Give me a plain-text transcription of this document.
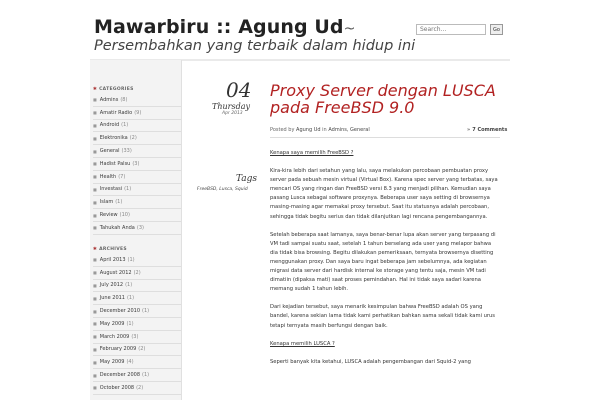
Mawarbiru :: Agung Ud~
Persembahkan yang terbaik dalam hidup ini
Search...
Go
✱ CATEGORIES
■ Admins (8)
■ Amatir Radio (9)
■ Android (1)
■ Elektronika (2)
■ General (33)
■ Hadist Palsu (3)
■ Health (7)
■ Investasi (1)
■ Islam (1)
■ Review (10)
■ Tahukah Anda (3)
✱ ARCHIVES
■ April 2013 (1)
■ August 2012 (2)
■ July 2012 (1)
■ June 2011 (1)
■ December 2010 (1)
■ May 2009 (1)
■ March 2009 (3)
■ February 2009 (2)
■ May 2009 (4)
■ December 2008 (1)
■ October 2008 (2)
04
Thursday
Apr 2013
Tags
FreeBSD, Lusca, Squid
Proxy Server dengan LUSCA pada FreeBSD 9.0
Posted by Agung Ud in Admins, General	» 7 Comments

Kenapa saya memilih FreeBSD ?

Kira-kira lebih dari setahun yang lalu, saya melakukan percobaan pembuatan proxy server pada sebuah mesin virtual (Virtual Box). Karena spec server yang terbatas, saya mencari OS yang ringan dan FreeBSD versi 8.3 yang menjadi pilihan. Kemudian saya pasang Lusca sebagai software proxynya. Beberapa user saya setting di browsernya masing-masing agar memakai proxy tersebut. Saat itu statusnya adalah percobaan, sehingga tidak begitu serius dan tidak dilanjutkan lagi rencana pengembangannya.

Setelah beberapa saat lamanya, saya benar-benar lupa akan server yang terpasang di VM tadi sampai suatu saat, setelah 1 tahun berselang ada user yang melapor bahwa dia tidak bisa browsing. Begitu dilakukan pemeriksaan, ternyata browsernya disetting menggunakan proxy. Dan saya baru ingat beberapa jam sebelumnya, ada kegiatan migrasi data server dari hardisk internal ke storage yang tentu saja, mesin VM tadi dimatiin (dipaksa mati) saat proses pemindahan. Hal ini tidak saya sadari karena memang sudah 1 tahun lebih.

Dari kejadian tersebut, saya menarik kesimpulan bahwa FreeBSD adalah OS yang bandel, karena sekian lama tidak kami perhatikan bahkan sama sekali tidak kami urus tetapi ternyata masih berfungsi dengan baik.

Kenapa memilih LUSCA ?

Seperti banyak kita ketahui, LUSCA adalah pengembangan dari Squid-2 yang
